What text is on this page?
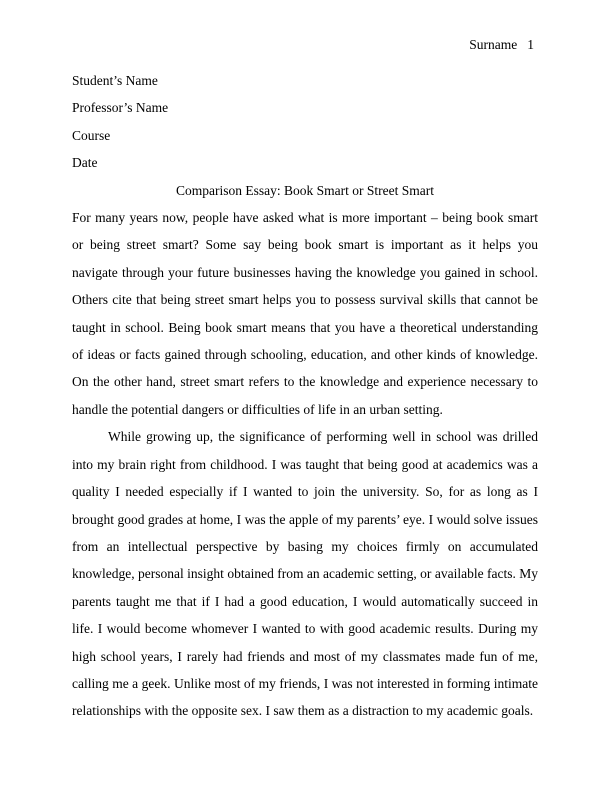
Surname 1

Student’s Name

Professor’s Name

Course

Date

Comparison Essay: Book Smart or Street Smart

For many years now, people have asked what is more important – being book smart or being street smart? Some say being book smart is important as it helps you navigate through your future businesses having the knowledge you gained in school. Others cite that being street smart helps you to possess survival skills that cannot be taught in school. Being book smart means that you have a theoretical understanding of ideas or facts gained through schooling, education, and other kinds of knowledge. On the other hand, street smart refers to the knowledge and experience necessary to handle the potential dangers or difficulties of life in an urban setting.

While growing up, the significance of performing well in school was drilled into my brain right from childhood. I was taught that being good at academics was a quality I needed especially if I wanted to join the university. So, for as long as I brought good grades at home, I was the apple of my parents’ eye. I would solve issues from an intellectual perspective by basing my choices firmly on accumulated knowledge, personal insight obtained from an academic setting, or available facts. My parents taught me that if I had a good education, I would automatically succeed in life. I would become whomever I wanted to with good academic results. During my high school years, I rarely had friends and most of my classmates made fun of me, calling me a geek. Unlike most of my friends, I was not interested in forming intimate relationships with the opposite sex. I saw them as a distraction to my academic goals.
